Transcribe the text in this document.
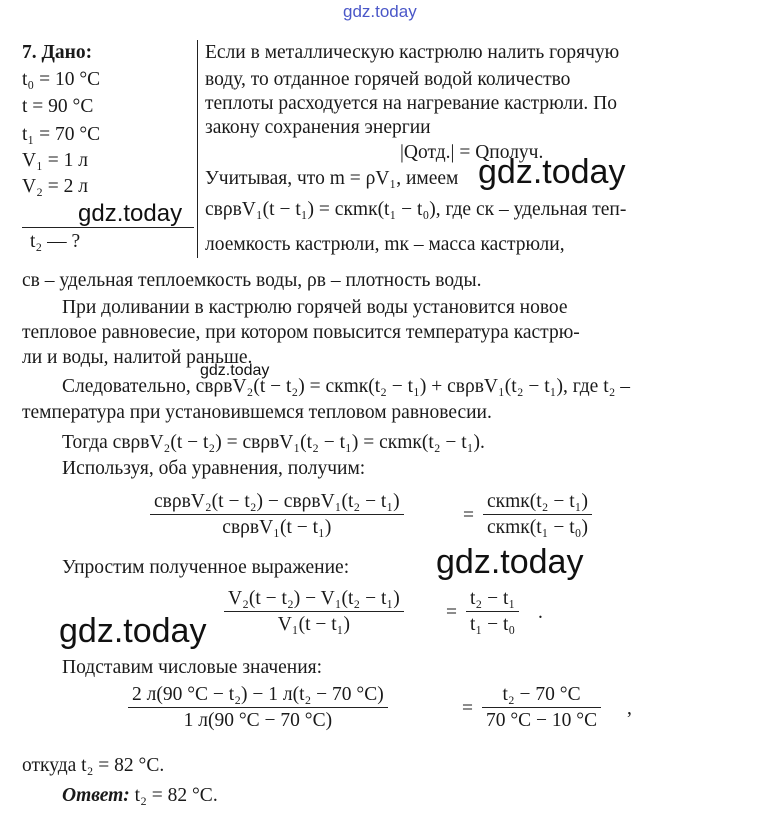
gdz.today
gdz.today
gdz.today
gdz.today
gdz.today
gdz.today
7. Дано:
t₀ = 10 °С
t = 90 °С
t₁ = 70 °С
V₁ = 1 л
V₂ = 2 л
t₂ — ?
Если в металлическую кастрюлю налить горячую
воду, то отданное горячей водой количество
теплоты расходуется на нагревание кастрюли. По
закону сохранения энергии
|Qотд.| = Qполуч.
Учитывая, что m = ρV₁, имеем
cвρвV₁(t − t₁) = cкmк(t₁ − t₀), где cк – удельная теп-
лоемкость кастрюли, mк – масса кастрюли,
cв – удельная теплоемкость воды, ρв – плотность воды.
При доливании в кастрюлю горячей воды установится новое
тепловое равновесие, при котором повысится температура кастрю-
ли и воды, налитой раньше.
Следовательно, cвρвV₂(t − t₂) = cкmк(t₂ − t₁) + cвρвV₁(t₂ − t₁), где t₂ –
температура при установившемся тепловом равновесии.
Тогда cвρвV₂(t − t₂) = cвρвV₁(t₂ − t₁) = cкmк(t₂ − t₁).
Используя, оба уравнения, получим:
cвρвV₂(t − t₂) − cвρвV₁(t₂ − t₁)
cвρвV₁(t − t₁)
=
cкmк(t₂ − t₁)
cкmк(t₁ − t₀)
Упростим полученное выражение:
$\frac{\text{V₂(t − t₂) − V₁(t₂ − t₁)}}{\text{V₁(t − t₁)}} = \frac{\text{t₂ − t₁}}{\text{t₁ − t₀}}$ .
Подставим числовые значения:
2 л(90 °С − t₂) − 1 л(t₂ − 70 °С)
1 л(90 °С − 70 °С)
=
t₂ − 70 °С
70 °С − 10 °С
,
откуда t₂ = 82 °С.
Ответ: t₂ = 82 °С.
